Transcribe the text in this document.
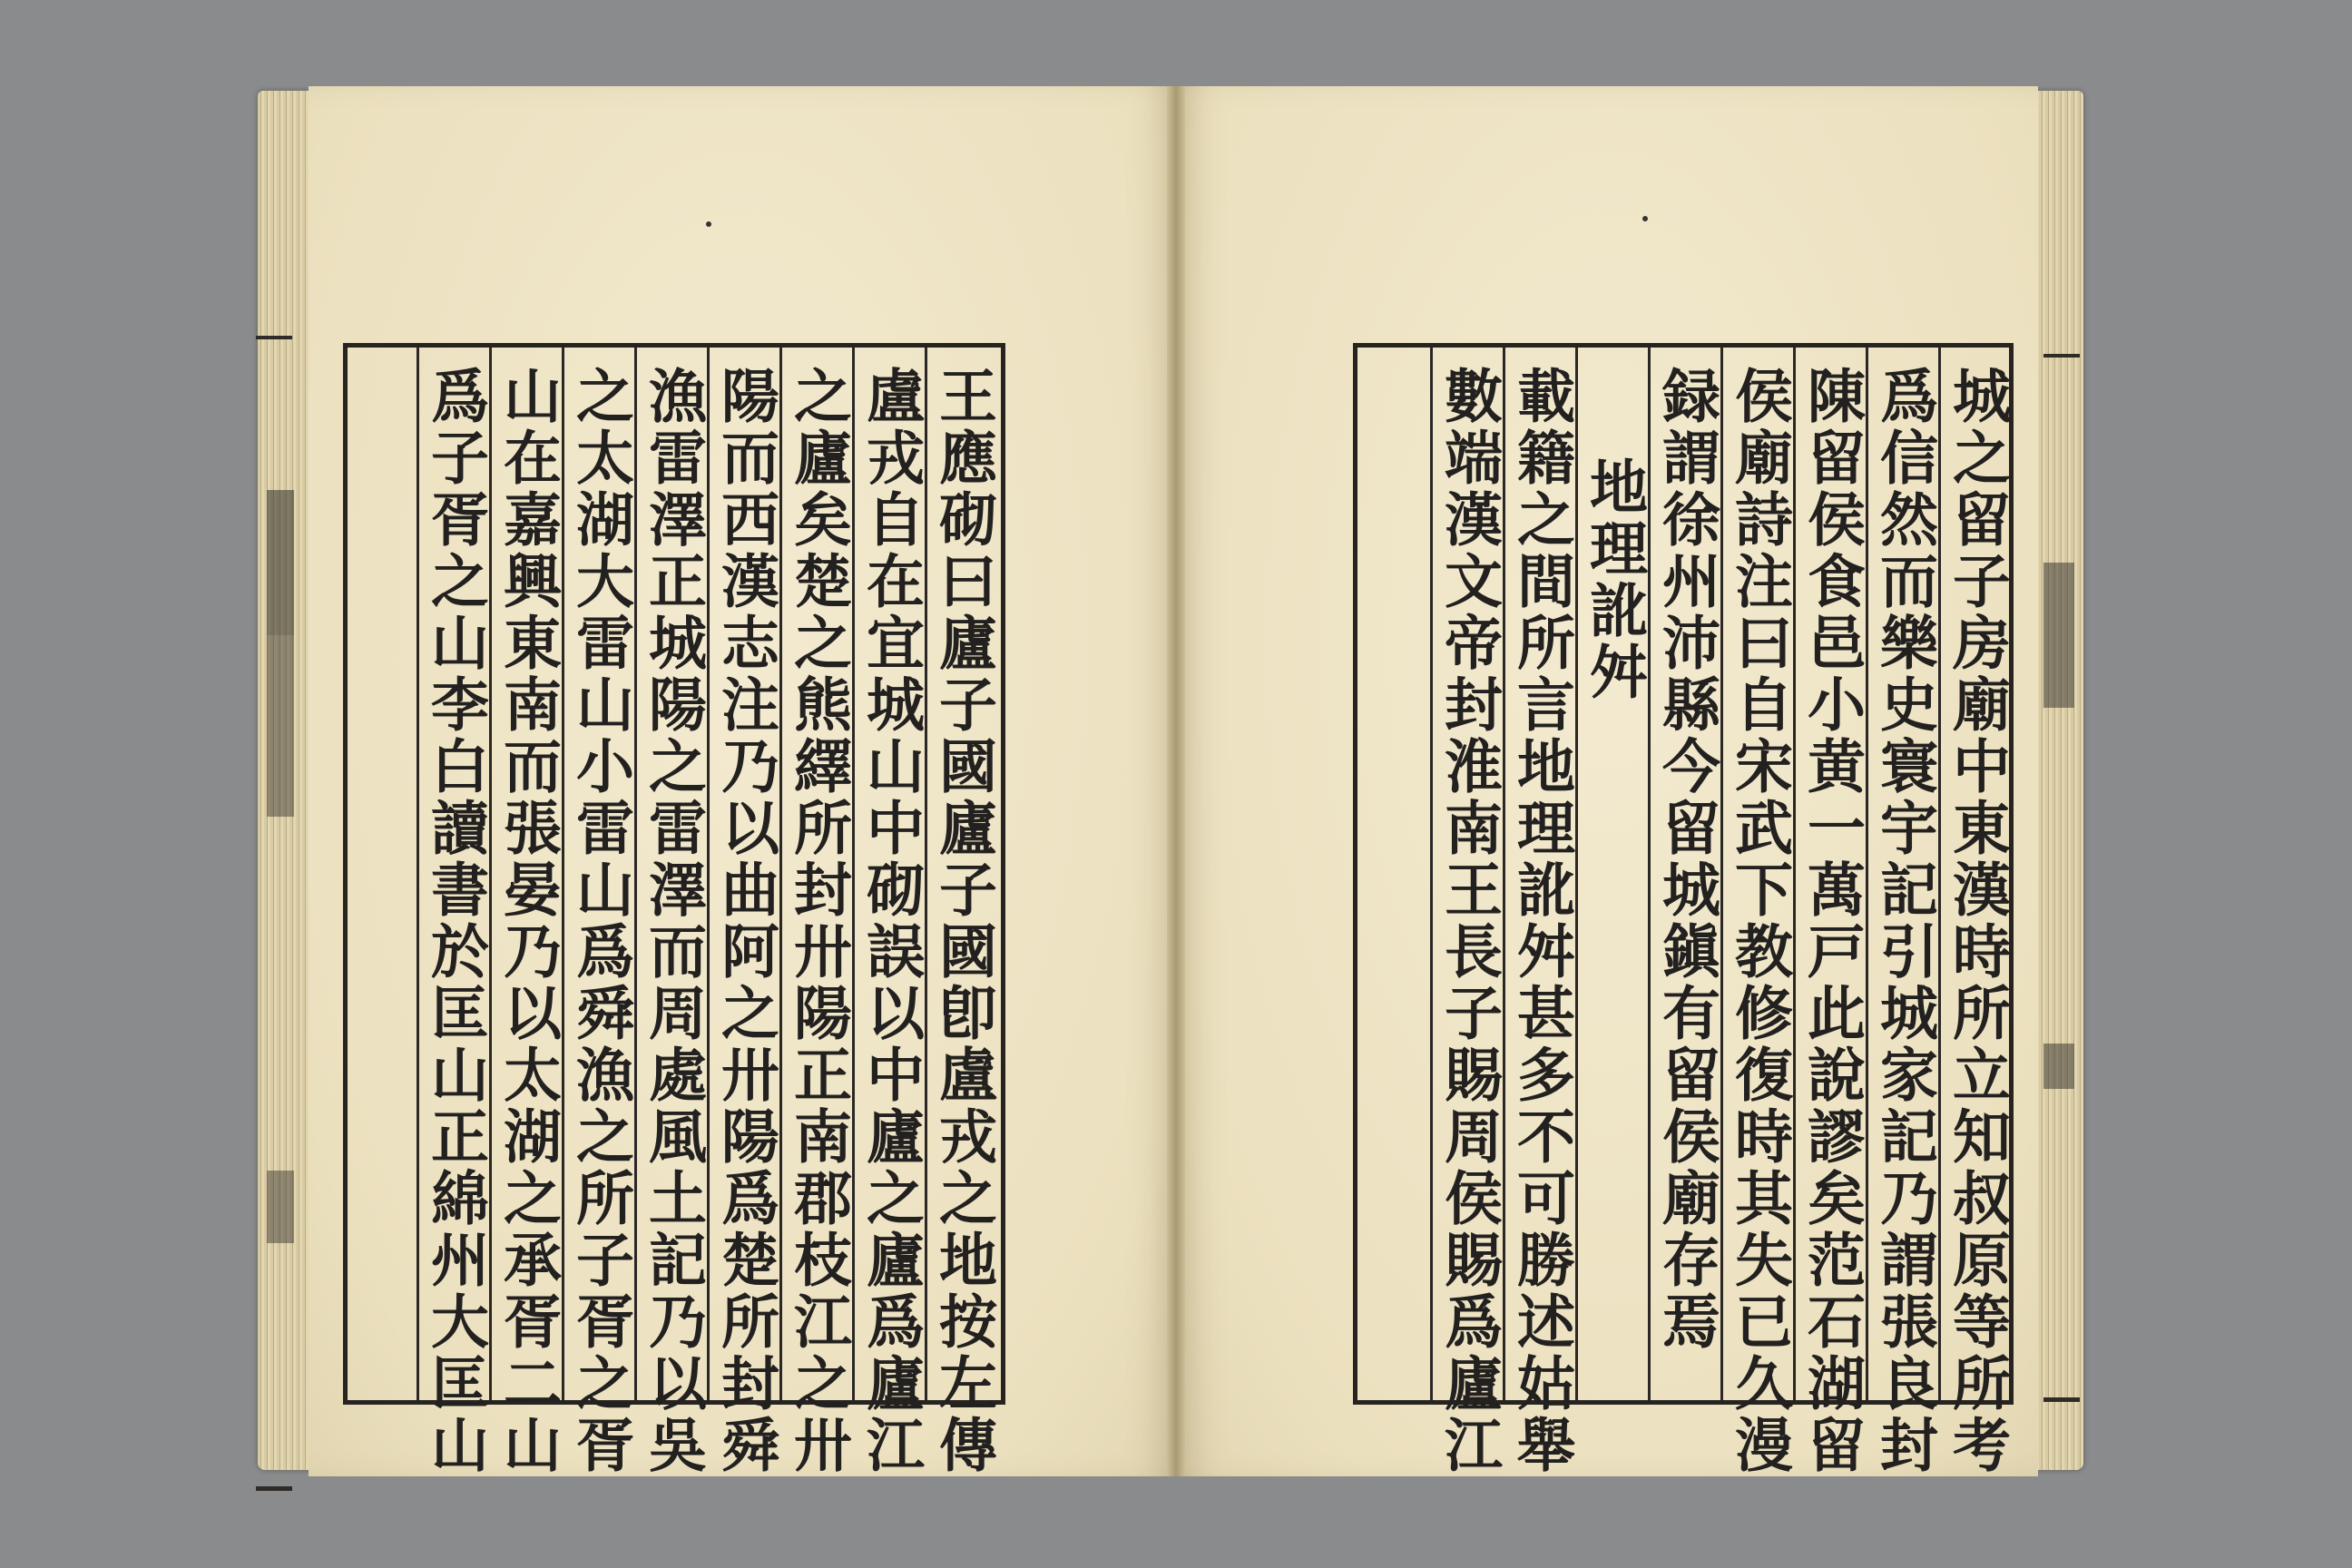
王應砌曰廬子國廬子國卽盧戎之地按左傳
盧戎自在宜城山中砌誤以中廬之廬爲廬江
之廬矣楚之熊繹所封卅陽正南郡枝江之卅
陽而西漢志注乃以曲阿之卅陽爲楚所封舜
漁雷澤正城陽之雷澤而周處風土記乃以吳
之太湖大雷山小雷山爲舜漁之所子胥之胥
山在嘉興東南而張晏乃以太湖之承胥二山
爲子胥之山李白讀書於匡山正綿州大匡山	城之留子房廟中東漢時所立知叔原等所考
爲信然而樂史寰宇記引城家記乃謂張良封
陳留侯食邑小黄一萬戸此說謬矣范石湖留
侯廟詩注曰自宋武下教修復時其失已久漫
録謂徐州沛縣今留城鎭有留侯廟存焉
地理訛舛
載籍之間所言地理訛舛甚多不可勝述姑舉
數端漢文帝封淮南王長子賜周侯賜爲廬江
